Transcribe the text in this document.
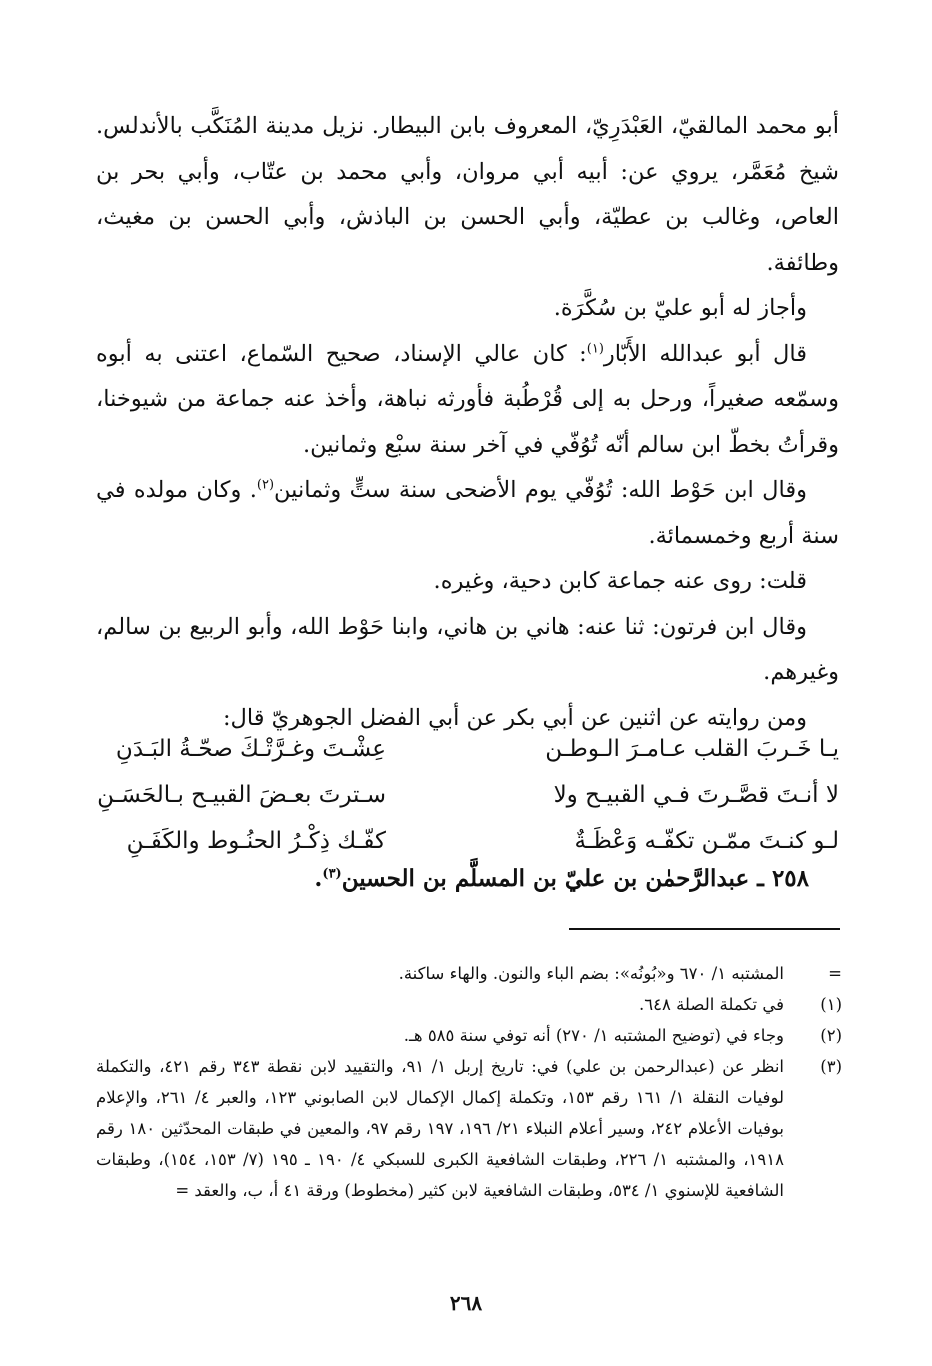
أبو محمد المالقيّ، العَبْدَرِيّ، المعروف بابن البيطار. نزيل مدينة المُنَكَّب بالأندلس. شيخ مُعَمَّر، يروي عن: أبيه أبي مروان، وأبي محمد بن عتّاب، وأبي بحر بن العاص، وغالب بن عطيّة، وأبي الحسن بن الباذش، وأبي الحسن بن مغيث، وطائفة.

وأجاز له أبو عليّ بن سُكَّرَة.

قال أبو عبدالله الأَبّار$^{(١)}$: كان عالي الإسناد، صحيح السّماع، اعتنى به أبوه وسمّعه صغيراً، ورحل به إلى قُرْطُبة فأورثه نباهة، وأخذ عنه جماعة من شيوخنا، وقرأتُ بخطّ ابن سالم أنّه تُوُفّي في آخر سنة سبْع وثمانين.

وقال ابن حَوْط الله: تُوُفّي يوم الأضحى سنة ستٍّ وثمانين$^{(٢)}$. وكان مولده في سنة أربع وخمسمائة.

قلت: روى عنه جماعة كابن دحية، وغيره.

وقال ابن فرتون: ثنا عنه: هاني بن هاني، وابنا حَوْط الله، وأبو الربيع بن سالم، وغيرهم.

ومن روايته عن اثنين عن أبي بكر عن أبي الفضل الجوهريّ قال:

يـا خَـربَ القلب عـامـرَ الـوطـن
عِشْـتَ وغـرَّتْـكَ صحّـةُ البَـدَنِ
لا أنـتَ قصَّـرتَ فـي القبيـح ولا
سـترتَ بعـضَ القبيـح بـالحَسَـنِ
لـو كنـتَ ممّـن تكفّـه وَعْظَـةٌ
كفّـك ذِكْـرُ الحنُـوط والكَفَـنِ
٢٥٨ ـ عبدالرَّحمٰن بن عليّ بن المسلَّم بن الحسين$^{(٣)}$.
=
المشتبه ١/ ٦٧٠ و«بُونُه»: بضم الباء والنون. والهاء ساكنة.
(١)
في تكملة الصلة ٦٤٨.
(٢)
وجاء في (توضيح المشتبه ١/ ٢٧٠) أنه توفي سنة ٥٨٥ هـ.
(٣)
انظر عن (عبدالرحمن بن علي) في: تاريخ إربل ١/ ٩١، والتقييد لابن نقطة ٣٤٣ رقم ٤٢١، والتكملة لوفيات النقلة ١/ ١٦١ رقم ١٥٣، وتكملة إكمال الإكمال لابن الصابوني ١٢٣، والعبر ٤/ ٢٦١، والإعلام بوفيات الأعلام ٢٤٢، وسير أعلام النبلاء ٢١/ ١٩٦، ١٩٧ رقم ٩٧، والمعين في طبقات المحدّثين ١٨٠ رقم ١٩١٨، والمشتبه ١/ ٢٢٦، وطبقات الشافعية الكبرى للسبكي ٤/ ١٩٠ ـ ١٩٥ (٧/ ١٥٣، ١٥٤)، وطبقات الشافعية للإسنوي ١/ ٥٣٤، وطبقات الشافعية لابن كثير (مخطوط) ورقة ٤١ أ، ب، والعقد =
٢٦٨
